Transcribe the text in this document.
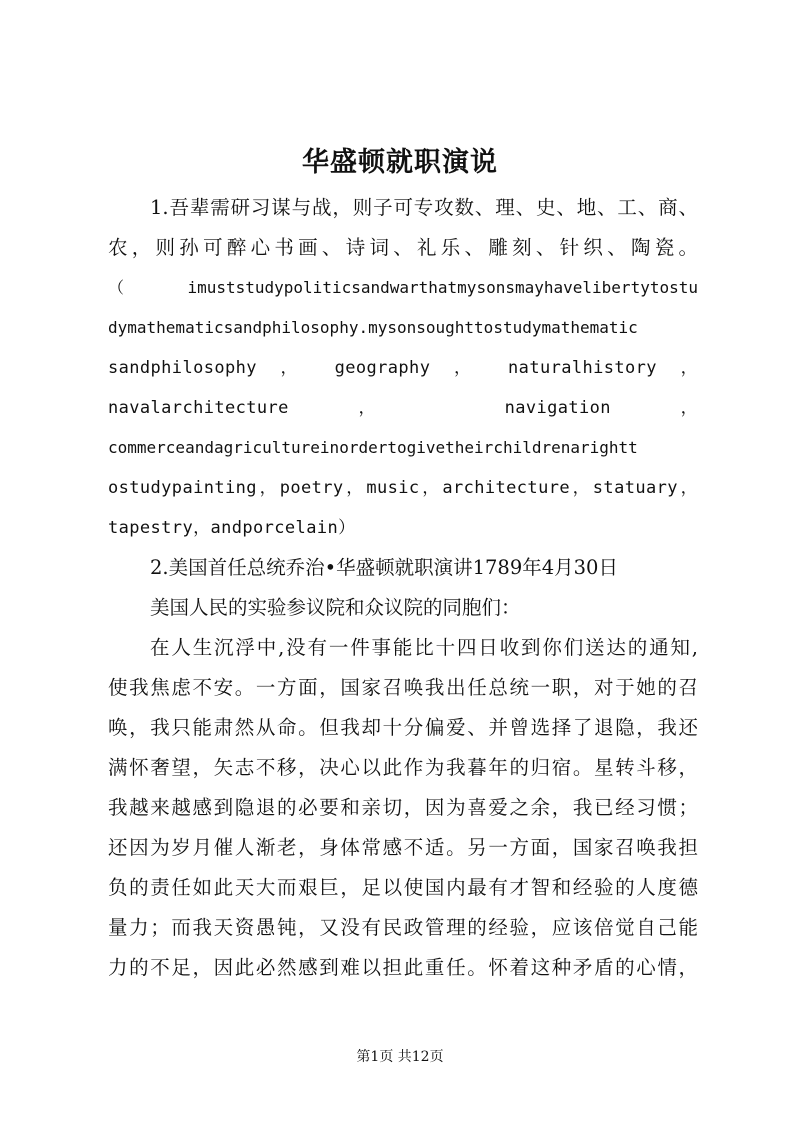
华盛顿就职演说
1.吾辈需研习谋与战，则子可专攻数、理、史、地、工、商、
农，则孙可醉心书画、诗词、礼乐、雕刻、针织、陶瓷。
（imuststudypoliticsandwarthatmysonsmayhavelibertytostu
dymathematicsandphilosophy.mysonsoughttostudymathematic
sandphilosophy ， geography ， naturalhistory ，
navalarchitecture ， navigation ，
commerceandagricultureinordertogivetheirchildrenarightt
ostudypainting，poetry，music，architecture，statuary，
tapestry，andporcelain）
2.美国首任总统乔治•华盛顿就职演讲1789年4月30日
美国人民的实验参议院和众议院的同胞们：
在人生沉浮中,没有一件事能比十四日收到你们送达的通知,
使我焦虑不安。一方面，国家召唤我出任总统一职，对于她的召
唤，我只能肃然从命。但我却十分偏爱、并曾选择了退隐，我还
满怀奢望，矢志不移，决心以此作为我暮年的归宿。星转斗移，
我越来越感到隐退的必要和亲切，因为喜爱之余，我已经习惯；
还因为岁月催人渐老，身体常感不适。另一方面，国家召唤我担
负的责任如此天大而艰巨，足以使国内最有才智和经验的人度德
量力；而我天资愚钝，又没有民政管理的经验，应该倍觉自己能
力的不足，因此必然感到难以担此重任。怀着这种矛盾的心情，
第1页 共12页
